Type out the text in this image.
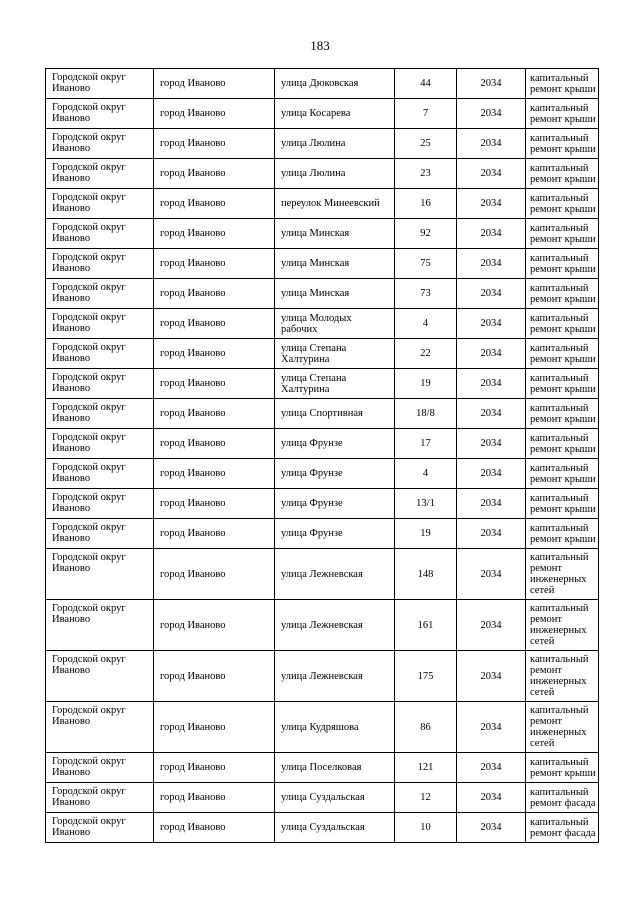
183
Городской округ Иваново	город Иваново	улица Дюковская	44	2034	капитальный ремонт крыши
Городской округ Иваново	город Иваново	улица Косарева	7	2034	капитальный ремонт крыши
Городской округ Иваново	город Иваново	улица Люлина	25	2034	капитальный ремонт крыши
Городской округ Иваново	город Иваново	улица Люлина	23	2034	капитальный ремонт крыши
Городской округ Иваново	город Иваново	переулок Минеевский	16	2034	капитальный ремонт крыши
Городской округ Иваново	город Иваново	улица Минская	92	2034	капитальный ремонт крыши
Городской округ Иваново	город Иваново	улица Минская	75	2034	капитальный ремонт крыши
Городской округ Иваново	город Иваново	улица Минская	73	2034	капитальный ремонт крыши
Городской округ Иваново	город Иваново	улица Молодых рабочих	4	2034	капитальный ремонт крыши
Городской округ Иваново	город Иваново	улица Степана Халтурина	22	2034	капитальный ремонт крыши
Городской округ Иваново	город Иваново	улица Степана Халтурина	19	2034	капитальный ремонт крыши
Городской округ Иваново	город Иваново	улица Спортивная	18/8	2034	капитальный ремонт крыши
Городской округ Иваново	город Иваново	улица Фрунзе	17	2034	капитальный ремонт крыши
Городской округ Иваново	город Иваново	улица Фрунзе	4	2034	капитальный ремонт крыши
Городской округ Иваново	город Иваново	улица Фрунзе	13/1	2034	капитальный ремонт крыши
Городской округ Иваново	город Иваново	улица Фрунзе	19	2034	капитальный ремонт крыши
Городской округ Иваново	город Иваново	улица Лежневская	148	2034	капитальный ремонт инженерных сетей
Городской округ Иваново	город Иваново	улица Лежневская	161	2034	капитальный ремонт инженерных сетей
Городской округ Иваново	город Иваново	улица Лежневская	175	2034	капитальный ремонт инженерных сетей
Городской округ Иваново	город Иваново	улица Кудряшова	86	2034	капитальный ремонт инженерных сетей
Городской округ Иваново	город Иваново	улица Поселковая	121	2034	капитальный ремонт крыши
Городской округ Иваново	город Иваново	улица Суздальская	12	2034	капитальный ремонт фасада
Городской округ Иваново	город Иваново	улица Суздальская	10	2034	капитальный ремонт фасада
